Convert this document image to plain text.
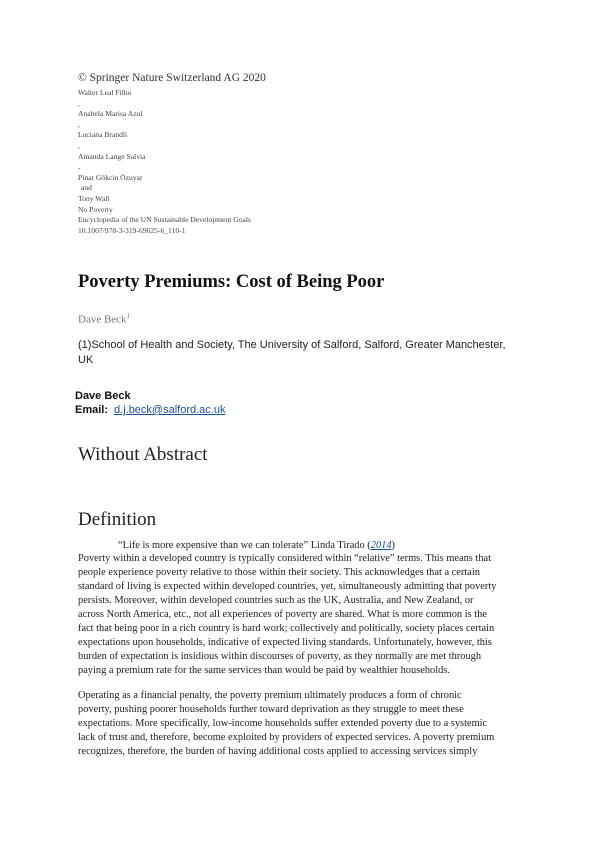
© Springer Nature Switzerland AG 2020
Walter Leal Filho
,
Anabela Marisa Azul
,
Luciana Brandli
,
Amanda Lange Salvia
,
Pinar Gökcin Özuyar
and
Tony Wall
No Poverty
Encyclopedia of the UN Sustainable Development Goals
10.1007/978-3-319-69625-6_110-1
Poverty Premiums: Cost of Being Poor
Dave Beck$^1$
(1)School of Health and Society, The University of Salford, Salford, Greater Manchester, UK
Dave Beck
Email: d.j.beck@salford.ac.uk
Without Abstract
Definition
“Life is more expensive than we can tolerate” Linda Tirado (2014)
Poverty within a developed country is typically considered within “relative” terms. This means that
people experience poverty relative to those within their society. This acknowledges that a certain
standard of living is expected within developed countries, yet, simultaneously admitting that poverty
persists. Moreover, within developed countries such as the UK, Australia, and New Zealand, or
across North America, etc., not all experiences of poverty are shared. What is more common is the
fact that being poor in a rich country is hard work; collectively and politically, society places certain
expectations upon households, indicative of expected living standards. Unfortunately, however, this
burden of expectation is insidious within discourses of poverty, as they normally are met through
paying a premium rate for the same services than would be paid by wealthier households.
Operating as a financial penalty, the poverty premium ultimately produces a form of chronic
poverty, pushing poorer households further toward deprivation as they struggle to meet these
expectations. More specifically, low-income households suffer extended poverty due to a systemic
lack of trust and, therefore, become exploited by providers of expected services. A poverty premium
recognizes, therefore, the burden of having additional costs applied to accessing services simply
